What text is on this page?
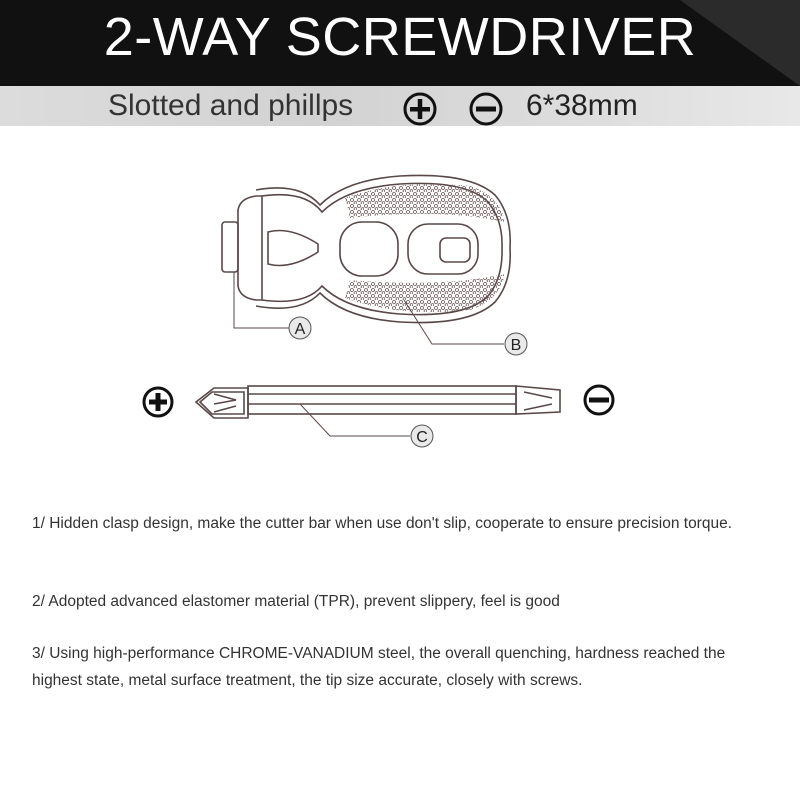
2-WAY SCREWDRIVER
Slotted and phillps	6*38mm
A
B
C
1/ Hidden clasp design, make the cutter bar when use don't slip, cooperate to ensure precision torque.
2/ Adopted advanced elastomer material (TPR), prevent slippery, feel is good
3/ Using high-performance CHROME-VANADIUM steel, the overall quenching, hardness reached the highest state, metal surface treatment, the tip size accurate, closely with screws.
